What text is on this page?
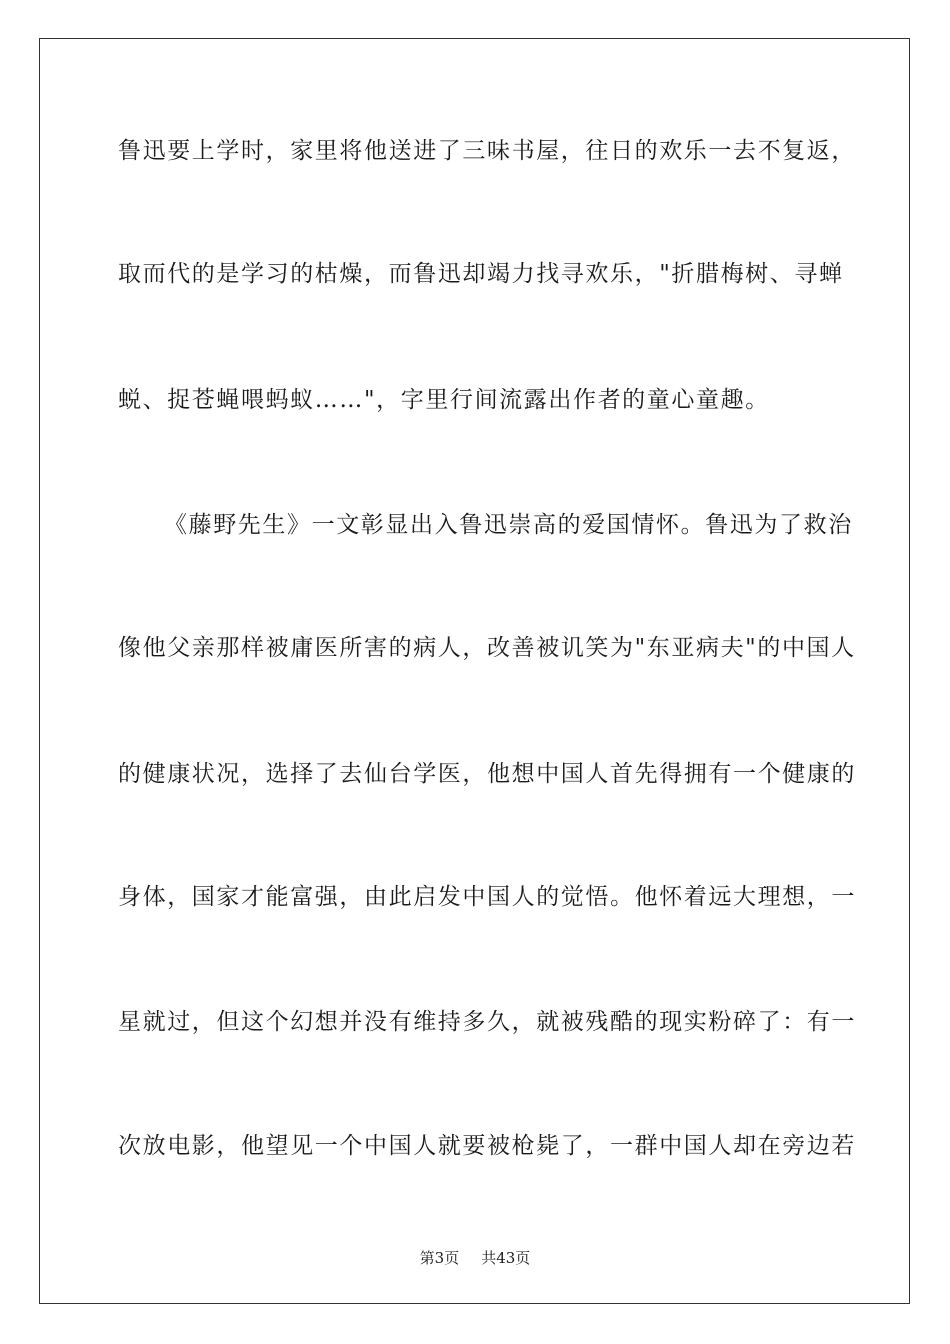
鲁迅要上学时，家里将他送进了三味书屋，往日的欢乐一去不复返，
取而代的是学习的枯燥，而鲁迅却竭力找寻欢乐，"折腊梅树、寻蝉
蜕、捉苍蝇喂蚂蚁……"，字里行间流露出作者的童心童趣。
《藤野先生》一文彰显出入鲁迅崇高的爱国情怀。鲁迅为了救治
像他父亲那样被庸医所害的病人，改善被讥笑为"东亚病夫"的中国人
的健康状况，选择了去仙台学医，他想中国人首先得拥有一个健康的
身体，国家才能富强，由此启发中国人的觉悟。他怀着远大理想，一
星就过，但这个幻想并没有维持多久，就被残酷的现实粉碎了：有一
次放电影，他望见一个中国人就要被枪毙了，一群中国人却在旁边若
第3页 共43页
